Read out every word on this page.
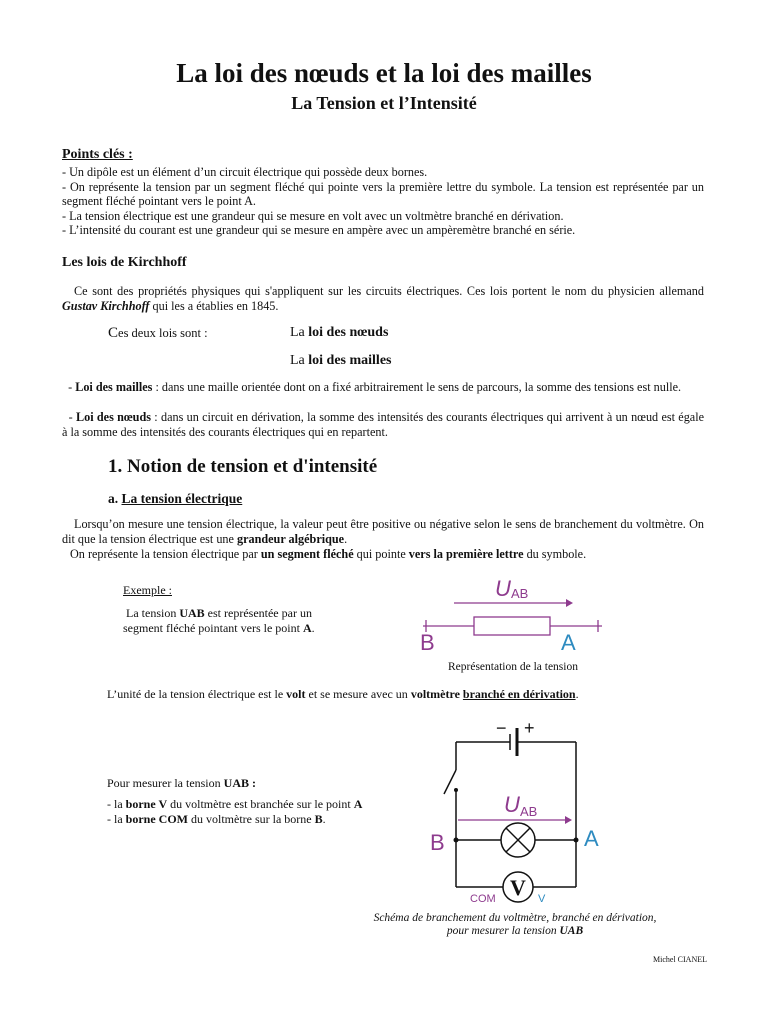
La loi des nœuds et la loi des mailles
La Tension et l’Intensité
Points clés :
- Un dipôle est un élément d’un circuit électrique qui possède deux bornes.
- On représente la tension par un segment fléché qui pointe vers la première lettre du symbole. La tension est représentée par un segment fléché pointant vers le point A.
- La tension électrique est une grandeur qui se mesure en volt avec un voltmètre branché en dérivation.
- L’intensité du courant est une grandeur qui se mesure en ampère avec un ampèremètre branché en série.
Les lois de Kirchhoff
Ce sont des propriétés physiques qui s'appliquent sur les circuits électriques. Ces lois portent le nom du physicien allemand Gustav Kirchhoff qui les a établies en 1845.
Ces deux lois sont :	La loi des nœuds
La loi des mailles
- Loi des mailles : dans une maille orientée dont on a fixé arbitrairement le sens de parcours, la somme des tensions est nulle.
- Loi des nœuds : dans un circuit en dérivation, la somme des intensités des courants électriques qui arrivent à un nœud est égale à la somme des intensités des courants électriques qui en repartent.
1. Notion de tension et d'intensité
a. La tension électrique
Lorsqu’on mesure une tension électrique, la valeur peut être positive ou négative selon le sens de branchement du voltmètre. On dit que la tension électrique est une grandeur algébrique.
On représente la tension électrique par un segment fléché qui pointe vers la première lettre du symbole.
Exemple :
La tension UAB est représentée par un segment fléché pointant vers le point A.
U AB
B	A
Représentation de la tension
L’unité de la tension électrique est le volt et se mesure avec un voltmètre branché en dérivation.
Pour mesurer la tension UAB :
- la borne V du voltmètre est branchée sur le point A
- la borne COM du voltmètre sur la borne B.
− +
U AB
B	A
V
COM	V
Schéma de branchement du voltmètre, branché en dérivation,
pour mesurer la tension UAB
Michel CIANEL
